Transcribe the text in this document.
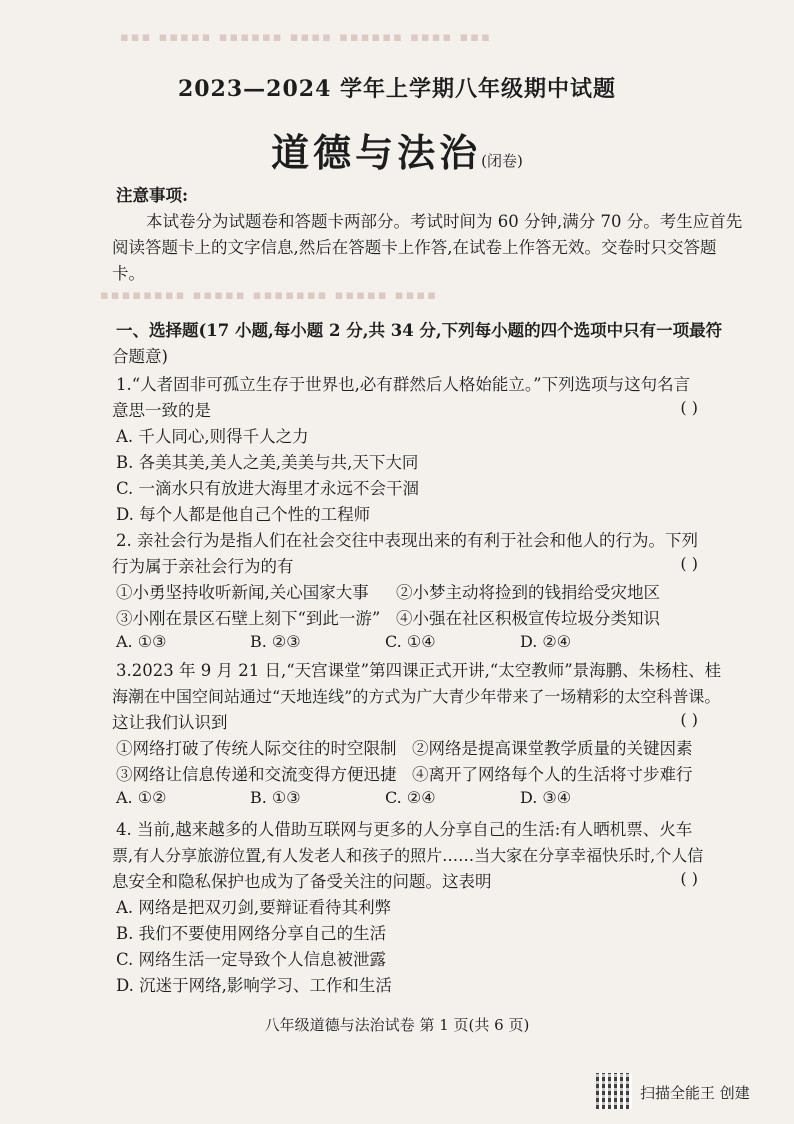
▪▪▪ ▪▪▪▪▪ ▪▪▪▪▪▪ ▪▪▪▪ ▪▪▪▪▪▪ ▪▪▪▪ ▪▪▪
▪▪▪▪▪▪▪▪ ▪▪▪▪▪ ▪▪▪▪▪▪▪ ▪▪▪▪▪ ▪▪▪▪
2023—2024 学年上学期八年级期中试题
道德与法治(闭卷)
注意事项:
本试卷分为试题卷和答题卡两部分。考试时间为 60 分钟,满分 70 分。考生应首先
阅读答题卡上的文字信息,然后在答题卡上作答,在试卷上作答无效。交卷时只交答题
卡。
一、选择题(17 小题,每小题 2 分,共 34 分,下列每小题的四个选项中只有一项最符
合题意)
1.“人者固非可孤立生存于世界也,必有群然后人格始能立。”下列选项与这句名言
意思一致的是	( )
A. 千人同心,则得千人之力
B. 各美其美,美人之美,美美与共,天下大同
C. 一滴水只有放进大海里才永远不会干涸
D. 每个人都是他自己个性的工程师
2. 亲社会行为是指人们在社会交往中表现出来的有利于社会和他人的行为。下列
行为属于亲社会行为的有	( )
①小勇坚持收听新闻,关心国家大事	②小梦主动将捡到的钱捐给受灾地区
③小刚在景区石壁上刻下“到此一游” ④小强在社区积极宣传垃圾分类知识
A. ①③	B. ②③	C. ①④	D. ②④
3.2023 年 9 月 21 日,“天宫课堂”第四课正式开讲,“太空教师”景海鹏、朱杨柱、桂
海潮在中国空间站通过“天地连线”的方式为广大青少年带来了一场精彩的太空科普课。
这让我们认识到	( )
①网络打破了传统人际交往的时空限制 ②网络是提高课堂教学质量的关键因素
③网络让信息传递和交流变得方便迅捷 ④离开了网络每个人的生活将寸步难行
A. ①②	B. ①③	C. ②④	D. ③④
4. 当前,越来越多的人借助互联网与更多的人分享自己的生活:有人晒机票、火车
票,有人分享旅游位置,有人发老人和孩子的照片……当大家在分享幸福快乐时,个人信
息安全和隐私保护也成为了备受关注的问题。这表明	( )
A. 网络是把双刃剑,要辩证看待其利弊
B. 我们不要使用网络分享自己的生活
C. 网络生活一定导致个人信息被泄露
D. 沉迷于网络,影响学习、工作和生活
八年级道德与法治试卷 第 1 页(共 6 页)
扫描全能王 创建
